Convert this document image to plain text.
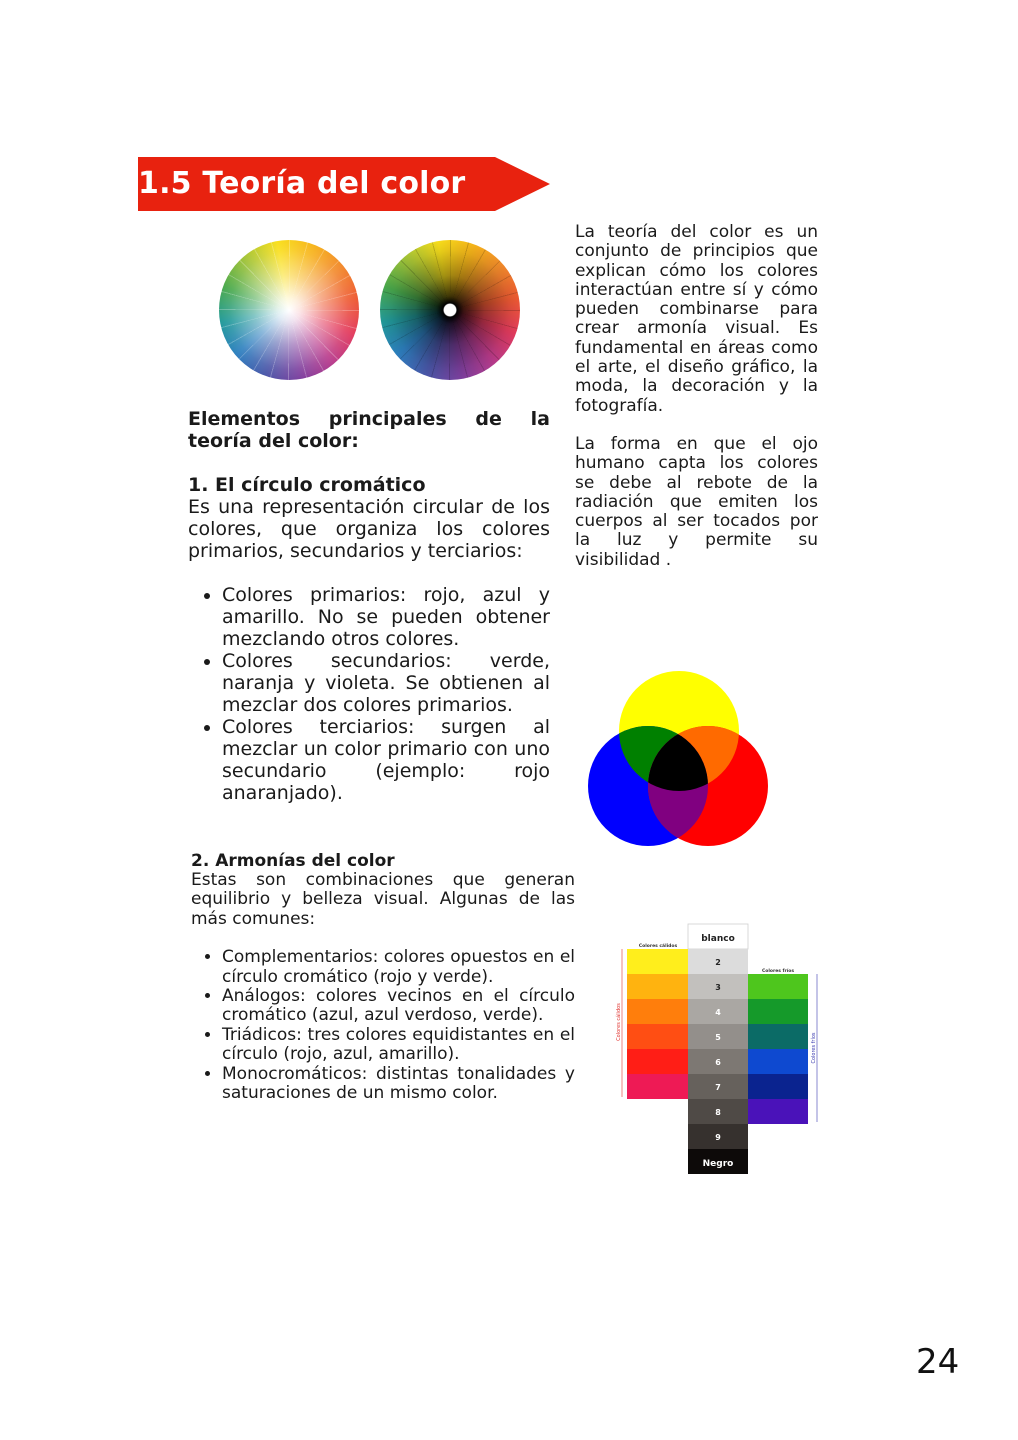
1.5 Teoría del color

La teoría del color es un conjunto de principios que explican cómo los colores interactúan entre sí y cómo pueden combinarse para crear armonía visual. Es fundamental en áreas como el arte, el diseño gráfico, la moda, la decoración y la fotografía.

La forma en que el ojo humano capta los colores se debe al rebote de la radiación que emiten los cuerpos al ser tocados por la luz y permite su visibilidad .

Elementos principales de la teoría del color:
1. El círculo cromático

Es una representación circular de los colores, que organiza los colores primarios, secundarios y terciarios:

• Colores primarios: rojo, azul y amarillo. No se pueden obtener mezclando otros colores.
• Colores secundarios: verde, naranja y violeta. Se obtienen al mezclar dos colores primarios.
• Colores terciarios: surgen al mezclar un color primario con uno secundario (ejemplo: rojo anaranjado).
2. Armonías del color

Estas son combinaciones que generan equilibrio y belleza visual. Algunas de las más comunes:

• Complementarios: colores opuestos en el círculo cromático (rojo y verde).
• Análogos: colores vecinos en el círculo cromático (azul, azul verdoso, verde).
• Triádicos: tres colores equidistantes en el círculo (rojo, azul, amarillo).
• Monocromáticos: distintas tonalidades y saturaciones de un mismo color.
blanco
2
3
4
5
6
7
8
9
Negro
Colores cálidos
Colores fríos
Colores cálidos
Colores fríos
24
